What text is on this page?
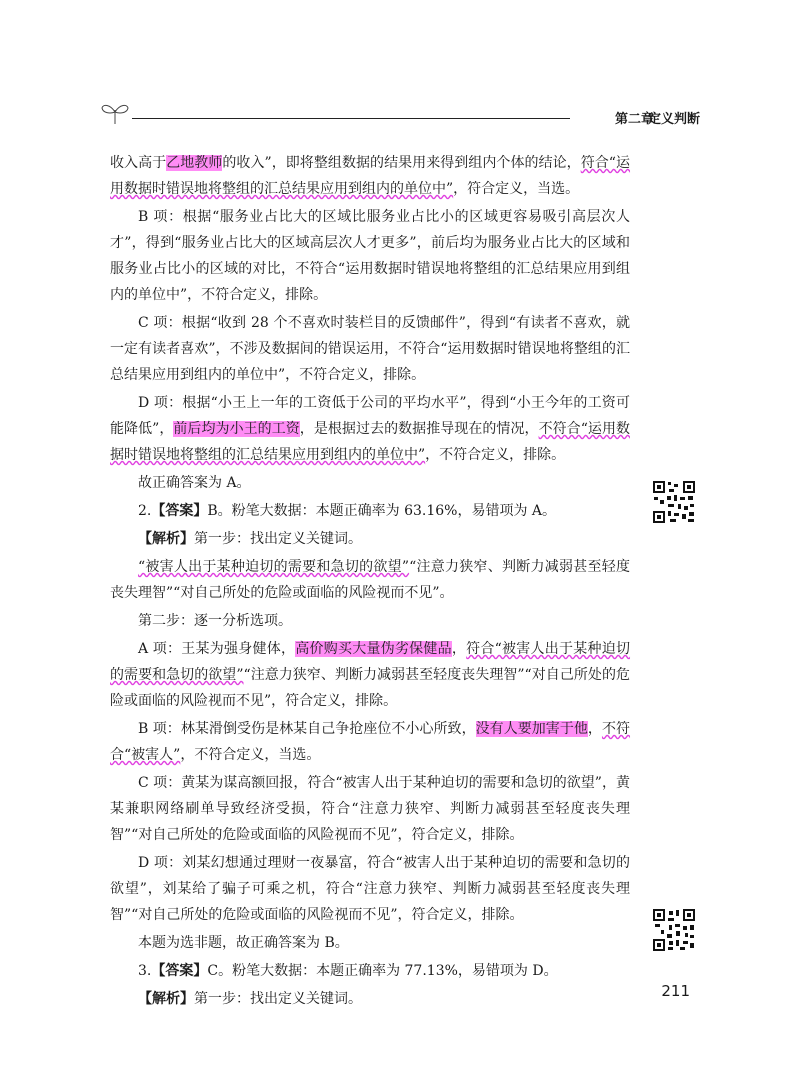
第二章
定义判断

收入高于乙地教师的收入”，即将整组数据的结果用来得到组内个体的结论，符合“运用数据时错误地将整组的汇总结果应用到组内的单位中”，符合定义，当选。

B 项：根据“服务业占比大的区域比服务业占比小的区域更容易吸引高层次人才”，得到“服务业占比大的区域高层次人才更多”，前后均为服务业占比大的区域和服务业占比小的区域的对比，不符合“运用数据时错误地将整组的汇总结果应用到组内的单位中”，不符合定义，排除。

C 项：根据“收到 28 个不喜欢时装栏目的反馈邮件”，得到“有读者不喜欢，就一定有读者喜欢”，不涉及数据间的错误运用，不符合“运用数据时错误地将整组的汇总结果应用到组内的单位中”，不符合定义，排除。

D 项：根据“小王上一年的工资低于公司的平均水平”，得到“小王今年的工资可能降低”，前后均为小王的工资，是根据过去的数据推导现在的情况，不符合“运用数据时错误地将整组的汇总结果应用到组内的单位中”，不符合定义，排除。

故正确答案为 A。

2.【答案】B。粉笔大数据：本题正确率为 63.16%，易错项为 A。

【解析】第一步：找出定义关键词。

“被害人出于某种迫切的需要和急切的欲望”“注意力狭窄、判断力减弱甚至轻度丧失理智”“对自己所处的危险或面临的风险视而不见”。

第二步：逐一分析选项。

A 项：王某为强身健体，高价购买大量伪劣保健品，符合“被害人出于某种迫切的需要和急切的欲望”“注意力狭窄、判断力减弱甚至轻度丧失理智”“对自己所处的危险或面临的风险视而不见”，符合定义，排除。

B 项：林某滑倒受伤是林某自己争抢座位不小心所致，没有人要加害于他，不符合“被害人”，不符合定义，当选。

C 项：黄某为谋高额回报，符合“被害人出于某种迫切的需要和急切的欲望”，黄某兼职网络刷单导致经济受损，符合“注意力狭窄、判断力减弱甚至轻度丧失理智”“对自己所处的危险或面临的风险视而不见”，符合定义，排除。

D 项：刘某幻想通过理财一夜暴富，符合“被害人出于某种迫切的需要和急切的欲望”，刘某给了骗子可乘之机，符合“注意力狭窄、判断力减弱甚至轻度丧失理智”“对自己所处的危险或面临的风险视而不见”，符合定义，排除。

本题为选非题，故正确答案为 B。

3.【答案】C。粉笔大数据：本题正确率为 77.13%，易错项为 D。

【解析】第一步：找出定义关键词。	211
